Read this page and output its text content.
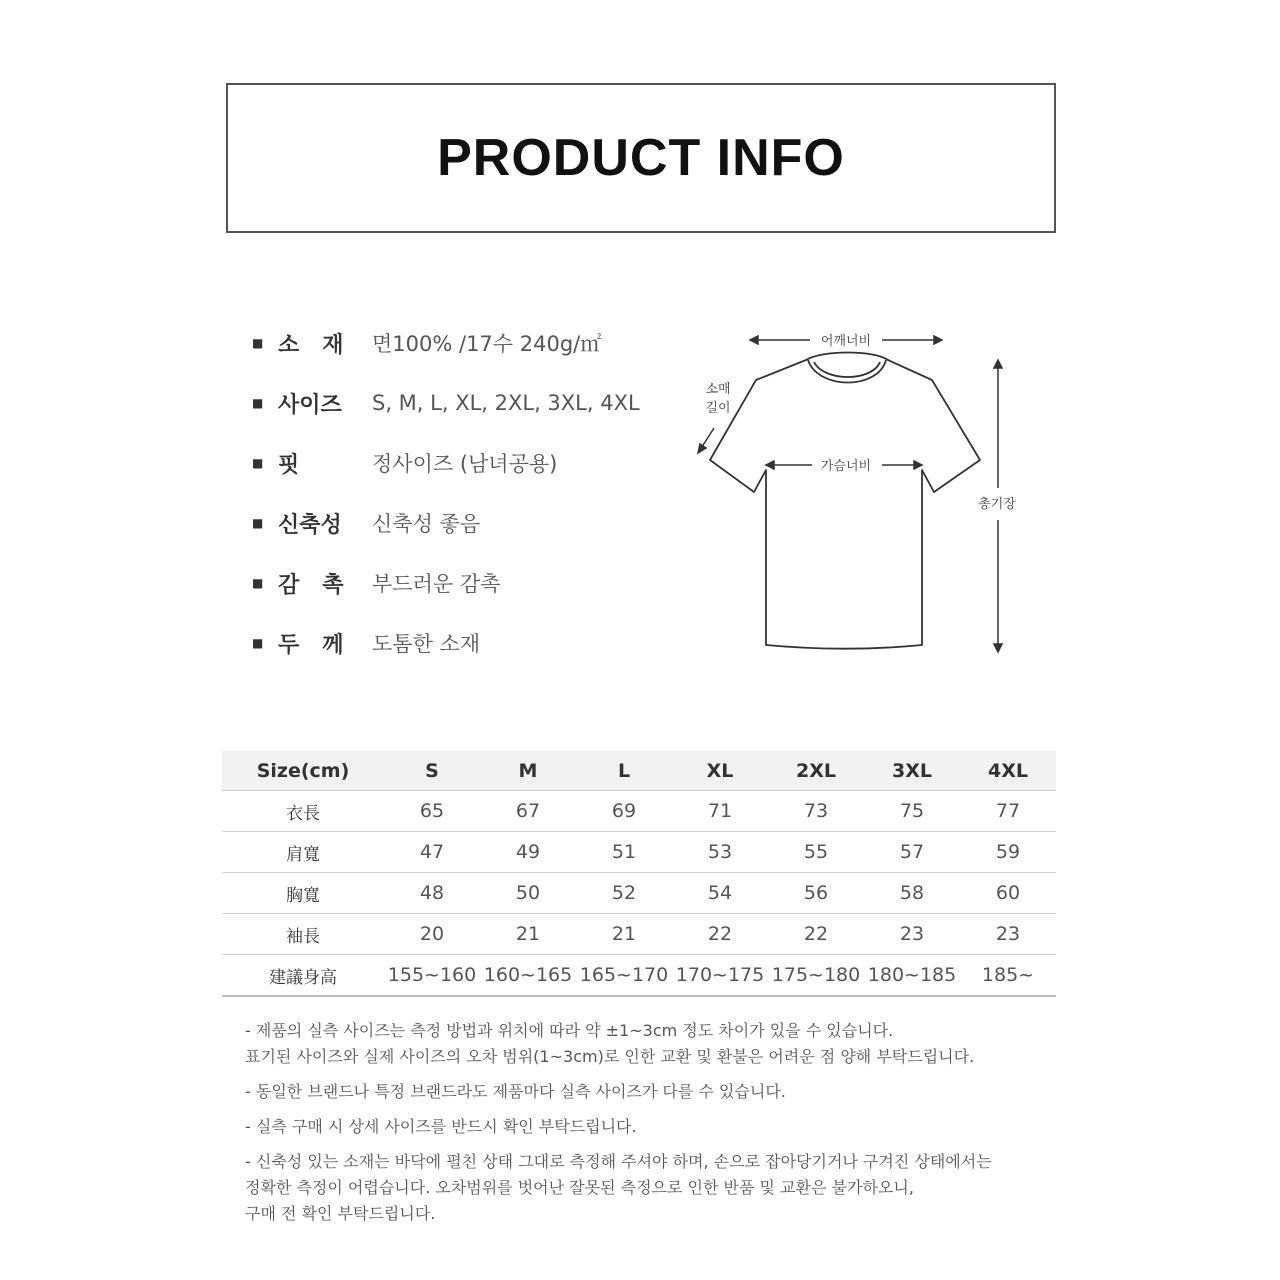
PRODUCT INFO
■ 소   재	면100% /17수 240g/㎡
■ 사이즈	S, M, L, XL, 2XL, 3XL, 4XL
■ 핏	정사이즈 (남녀공용)
■ 신축성	신축성 좋음
■ 감   촉	부드러운 감촉
■ 두   께	도톰한 소재
어깨너비
소매
길이
가슴너비
총기장
Size(cm)	S	M	L	XL	2XL	3XL	4XL
衣長	65	67	69	71	73	75	77
肩寬	47	49	51	53	55	57	59
胸寬	48	50	52	54	56	58	60
袖長	20	21	21	22	22	23	23
建議身高	155~160	160~165	165~170	170~175	175~180	180~185	185~

- 제품의 실측 사이즈는 측정 방법과 위치에 따라 약 ±1~3cm 정도 차이가 있을 수 있습니다.

표기된 사이즈와 실제 사이즈의 오차 범위(1~3cm)로 인한 교환 및 환불은 어려운 점 양해 부탁드립니다.

- 동일한 브랜드나 특정 브랜드라도 제품마다 실측 사이즈가 다를 수 있습니다.

- 실측 구매 시 상세 사이즈를 반드시 확인 부탁드립니다.

- 신축성 있는 소재는 바닥에 펼친 상태 그대로 측정해 주셔야 하며, 손으로 잡아당기거나 구겨진 상태에서는

정확한 측정이 어렵습니다. 오차범위를 벗어난 잘못된 측정으로 인한 반품 및 교환은 불가하오니,

구매 전 확인 부탁드립니다.
